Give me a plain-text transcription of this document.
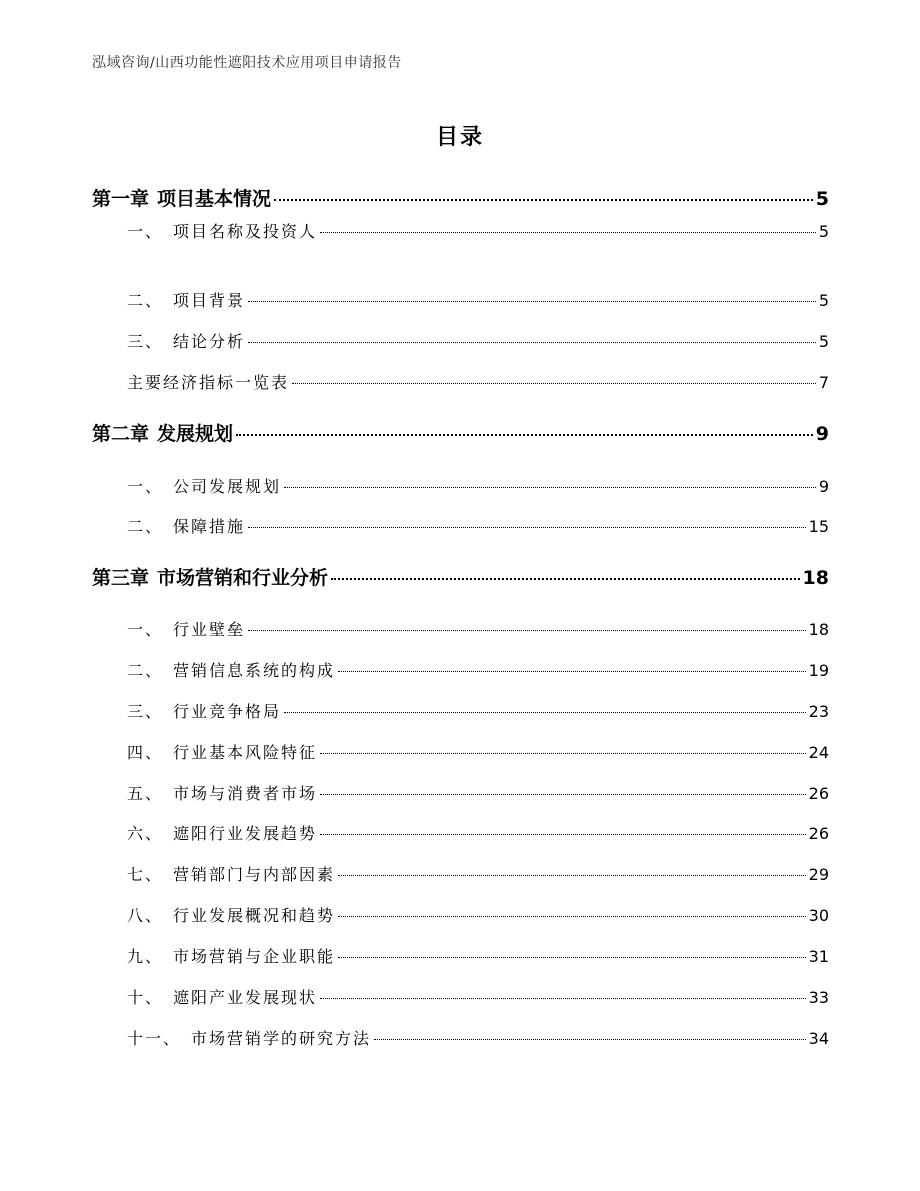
泓域咨询/山西功能性遮阳技术应用项目申请报告
目录
第一章 项目基本情况	5
一、 项目名称及投资人	5
二、 项目背景	5
三、 结论分析	5
主要经济指标一览表	7
第二章 发展规划	9
一、 公司发展规划	9
二、 保障措施	15
第三章 市场营销和行业分析	18
一、 行业壁垒	18
二、 营销信息系统的构成	19
三、 行业竞争格局	23
四、 行业基本风险特征	24
五、 市场与消费者市场	26
六、 遮阳行业发展趋势	26
七、 营销部门与内部因素	29
八、 行业发展概况和趋势	30
九、 市场营销与企业职能	31
十、 遮阳产业发展现状	33
十一、 市场营销学的研究方法	34
